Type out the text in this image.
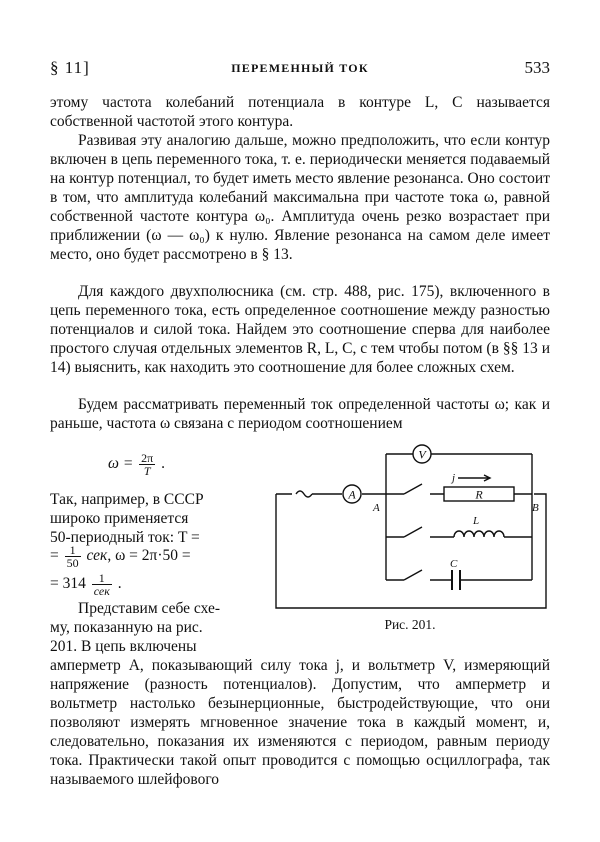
§ 11]	ПЕРЕМЕННЫЙ ТОК	533

этому частота колебаний потенциала в контуре L, C называется собственной частотой этого контура.

Развивая эту аналогию дальше, можно предположить, что если контур включен в цепь переменного тока, т. е. периодически меняется подаваемый на контур потенциал, то будет иметь место явление резонанса. Оно состоит в том, что амплитуда колебаний максимальна при частоте тока ω, равной собственной частоте контура ω₀. Амплитуда очень резко возрастает при приближении (ω — ω₀) к нулю. Явление резонанса на самом деле имеет место, оно будет рассмотрено в § 13.

Для каждого двухполюсника (см. стр. 488, рис. 175), включенного в цепь переменного тока, есть определенное соотношение между разностью потенциалов и силой тока. Найдем это соотношение сперва для наиболее простого случая отдельных элементов R, L, C, с тем чтобы потом (в §§ 13 и 14) выяснить, как находить это соотношение для более сложных схем.

Будем рассматривать переменный ток определенной частоты ω; как и раньше, частота ω связана с периодом соотношением

$\omega = \frac{2\pi}{T}$ .
Так, например, в СССР
широко применяется
50-периодный ток: T =
= $\frac{1}{50}$ сек, ω = 2π·50 =
= $314 \frac{1}{\text{сек}}$ .
Представим себе схе-
му, показанную на рис.
201. В цепь включены
A
A	B
V
R
j
L
C
Рис. 201.

амперметр A, показывающий силу тока j, и вольтметр V, измеряющий напряжение (разность потенциалов). Допустим, что амперметр и вольтметр настолько безынерционные, быстродействующие, что они позволяют измерять мгновенное значение тока в каждый момент, и, следовательно, показания их изменяются с периодом, равным периоду тока. Практически такой опыт проводится с помощью осциллографа, так называемого шлейфового
